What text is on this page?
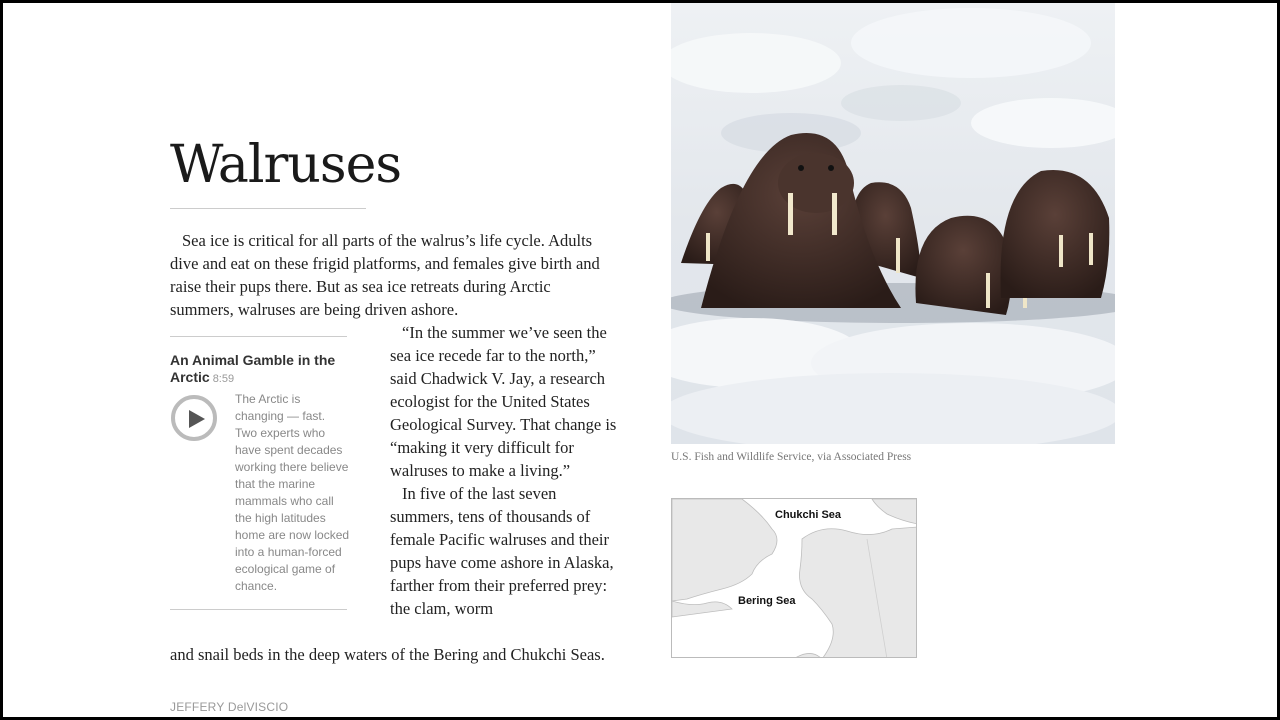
Walruses
Sea ice is critical for all parts of the walrus’s life cycle. Adults dive and eat on these frigid platforms, and females give birth and raise their pups there. But as sea ice retreats during Arctic summers, walruses are being driven ashore.
An Animal Gamble in the Arctic 8:59
The Arctic is changing — fast. Two experts who have spent decades working there believe that the marine mammals who call the high latitudes home are now locked into a human-forced ecological game of chance.

“In the summer we’ve seen the sea ice recede far to the north,” said Chadwick V. Jay, a research ecologist for the United States Geological Survey. That change is “making it very difficult for walruses to make a living.”

In five of the last seven summers, tens of thousands of female Pacific walruses and their pups have come ashore in Alaska, farther from their preferred prey: the clam, worm

and snail beds in the deep waters of the Bering and Chukchi Seas.
JEFFERY DelVISCIO
U.S. Fish and Wildlife Service, via Associated Press
Chukchi Sea
Bering Sea
